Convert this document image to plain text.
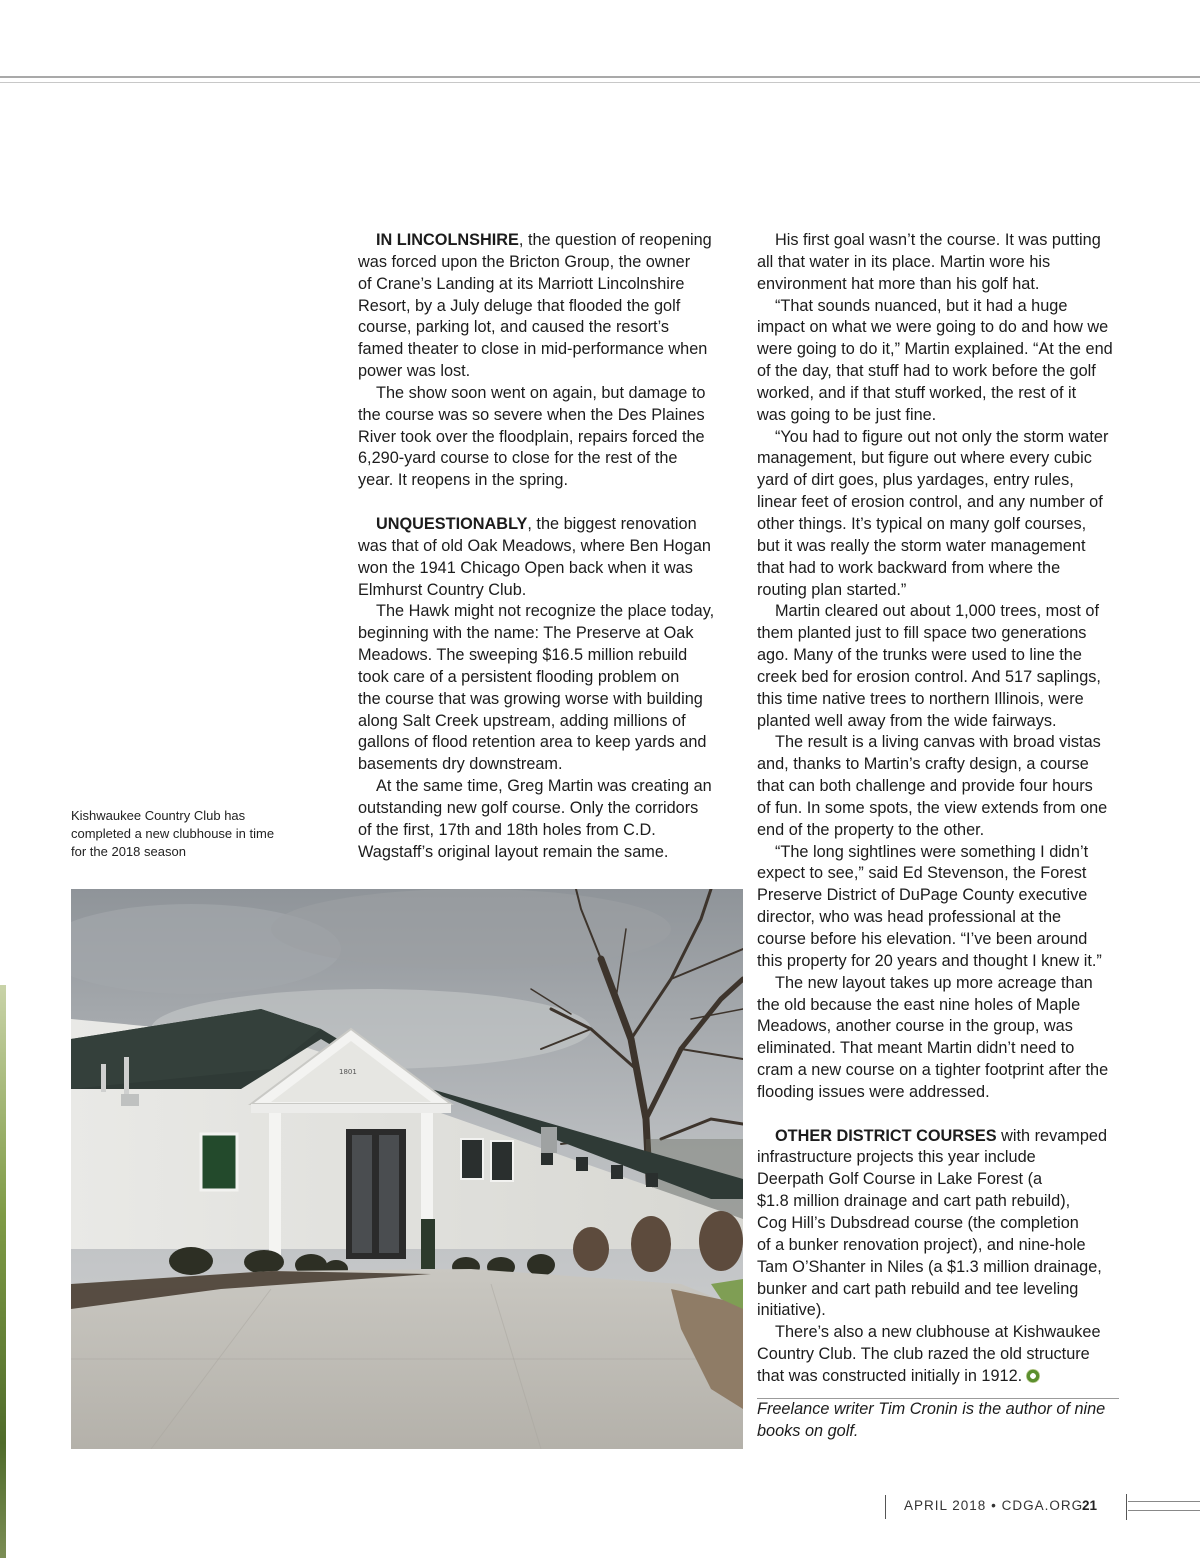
IN LINCOLNSHIRE, the question of reopening

was forced upon the Bricton Group, the owner

of Crane’s Landing at its Marriott Lincolnshire

Resort, by a July deluge that flooded the golf

course, parking lot, and caused the resort’s

famed theater to close in mid-performance when

power was lost.

The show soon went on again, but damage to

the course was so severe when the Des Plaines

River took over the floodplain, repairs forced the

6,290-yard course to close for the rest of the

year. It reopens in the spring.

UNQUESTIONABLY, the biggest renovation

was that of old Oak Meadows, where Ben Hogan

won the 1941 Chicago Open back when it was

Elmhurst Country Club.

The Hawk might not recognize the place today,

beginning with the name: The Preserve at Oak

Meadows. The sweeping $16.5 million rebuild

took care of a persistent flooding problem on

the course that was growing worse with building

along Salt Creek upstream, adding millions of

gallons of flood retention area to keep yards and

basements dry downstream.

At the same time, Greg Martin was creating an

outstanding new golf course. Only the corridors

of the first, 17th and 18th holes from C.D.

Wagstaff’s original layout remain the same.

His first goal wasn’t the course. It was putting

all that water in its place. Martin wore his

environment hat more than his golf hat.

“That sounds nuanced, but it had a huge

impact on what we were going to do and how we

were going to do it,” Martin explained. “At the end

of the day, that stuff had to work before the golf

worked, and if that stuff worked, the rest of it

was going to be just fine.

“You had to figure out not only the storm water

management, but figure out where every cubic

yard of dirt goes, plus yardages, entry rules,

linear feet of erosion control, and any number of

other things. It’s typical on many golf courses,

but it was really the storm water management

that had to work backward from where the

routing plan started.”

Martin cleared out about 1,000 trees, most of

them planted just to fill space two generations

ago. Many of the trunks were used to line the

creek bed for erosion control. And 517 saplings,

this time native trees to northern Illinois, were

planted well away from the wide fairways.

The result is a living canvas with broad vistas

and, thanks to Martin’s crafty design, a course

that can both challenge and provide four hours

of fun. In some spots, the view extends from one

end of the property to the other.

“The long sightlines were something I didn’t

expect to see,” said Ed Stevenson, the Forest

Preserve District of DuPage County executive

director, who was head professional at the

course before his elevation. “I’ve been around

this property for 20 years and thought I knew it.”

The new layout takes up more acreage than

the old because the east nine holes of Maple

Meadows, another course in the group, was

eliminated. That meant Martin didn’t need to

cram a new course on a tighter footprint after the

flooding issues were addressed.

OTHER DISTRICT COURSES with revamped

infrastructure projects this year include

Deerpath Golf Course in Lake Forest (a

$1.8 million drainage and cart path rebuild),

Cog Hill’s Dubsdread course (the completion

of a bunker renovation project), and nine-hole

Tam O’Shanter in Niles (a $1.3 million drainage,

bunker and cart path rebuild and tee leveling

initiative).

There’s also a new clubhouse at Kishwaukee

Country Club. The club razed the old structure

that was constructed initially in 1912.

Freelance writer Tim Cronin is the author of nine books on golf.

Kishwaukee Country Club has

completed a new clubhouse in time

for the 2018 season

1801
APRIL 2018 • CDGA.ORG
21
